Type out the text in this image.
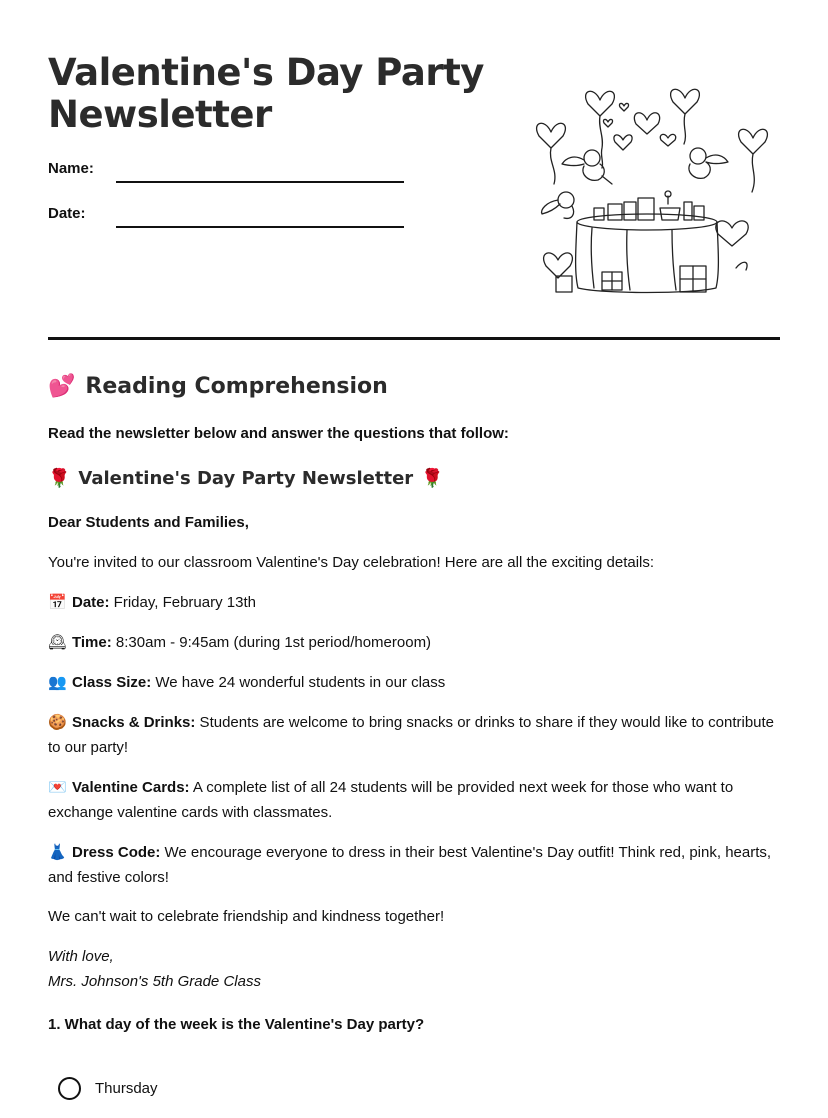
Valentine's Day Party Newsletter
Name:
Date:
💕 Reading Comprehension
Read the newsletter below and answer the questions that follow:
🌹 Valentine's Day Party Newsletter 🌹
Dear Students and Families,

You're invited to our classroom Valentine's Day celebration! Here are all the exciting details:

📅 Date: Friday, February 13th

🕰 Time: 8:30am - 9:45am (during 1st period/homeroom)

👥 Class Size: We have 24 wonderful students in our class

🍪 Snacks & Drinks: Students are welcome to bring snacks or drinks to share if they would like to contribute to our party!

💌 Valentine Cards: A complete list of all 24 students will be provided next week for those who want to exchange valentine cards with classmates.

👗 Dress Code: We encourage everyone to dress in their best Valentine's Day outfit! Think red, pink, hearts, and festive colors!

We can't wait to celebrate friendship and kindness together!

With love,
Mrs. Johnson's 5th Grade Class

1. What day of the week is the Valentine's Day party?
Thursday
